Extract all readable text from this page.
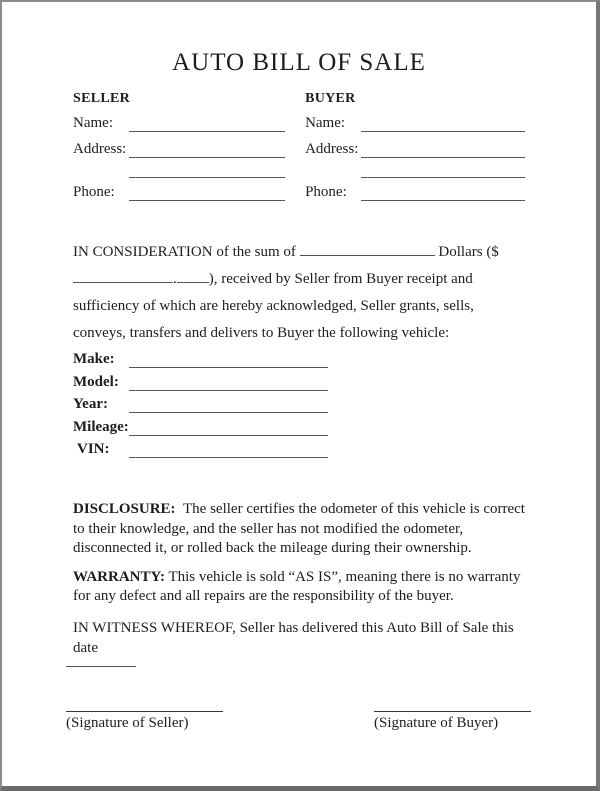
AUTO BILL OF SALE
SELLER
Name:
Address:
Phone:
BUYER
Name:
Address:
Phone:

IN CONSIDERATION of the sum of	Dollars ($ . ), received by Seller from Buyer receipt and sufficiency of which are hereby acknowledged, Seller grants, sells, conveys, transfers and delivers to Buyer the following vehicle:

Make:
Model:
Year:
Mileage:
VIN:

DISCLOSURE: The seller certifies the odometer of this vehicle is correct to their knowledge, and the seller has not modified the odometer, disconnected it, or rolled back the mileage during their ownership.

WARRANTY: This vehicle is sold “AS IS”, meaning there is no warranty for any defect and all repairs are the responsibility of the buyer.

IN WITNESS WHEREOF, Seller has delivered this Auto Bill of Sale this date

(Signature of Seller)	(Signature of Buyer)
